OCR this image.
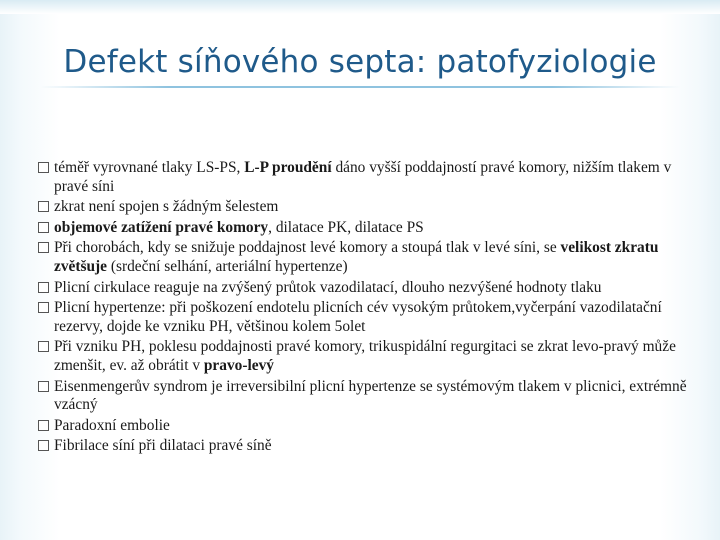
Defekt síňového septa: patofyziologie
téměř vyrovnané tlaky LS-PS, L-P proudění dáno vyšší poddajností pravé komory, nižším tlakem v pravé síni
zkrat není spojen s žádným šelestem
objemové zatížení pravé komory, dilatace PK, dilatace PS
Při chorobách, kdy se snižuje poddajnost levé komory a stoupá tlak v levé síni, se velikost zkratu zvětšuje (srdeční selhání, arteriální hypertenze)
Plicní cirkulace reaguje na zvýšený průtok vazodilatací, dlouho nezvýšené hodnoty tlaku
Plicní hypertenze: při poškození endotelu plicních cév vysokým průtokem,vyčerpání vazodilatační rezervy, dojde ke vzniku PH, většinou kolem 5olet
Při vzniku PH, poklesu poddajnosti pravé komory, trikuspidální regurgitaci se zkrat levo-pravý může zmenšit, ev. až obrátit v pravo-levý
Eisenmengerův syndrom je irreversibilní plicní hypertenze se systémovým tlakem v plicnici, extrémně vzácný
Paradoxní embolie
Fibrilace síní při dilataci pravé síně
